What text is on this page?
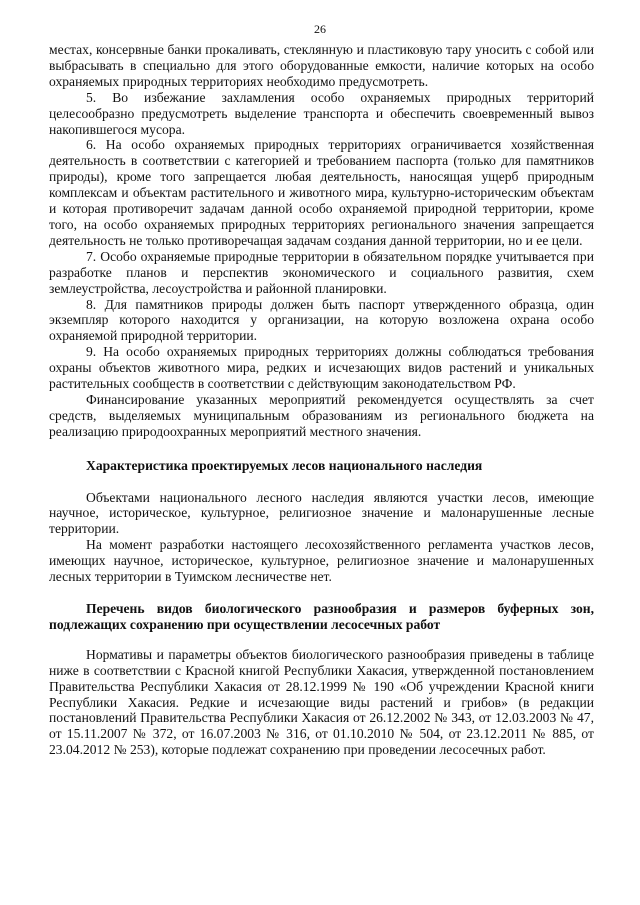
26

местах, консервные банки прокаливать, стеклянную и пластиковую тару уносить с собой или выбрасывать в специально для этого оборудованные емкости, наличие которых на особо охраняемых природных территориях необходимо предусмотреть.

5. Во избежание захламления особо охраняемых природных территорий целесообразно предусмотреть выделение транспорта и обеспечить своевременный вывоз накопившегося мусора.

6. На особо охраняемых природных территориях ограничивается хозяйственная деятельность в соответствии с категорией и требованием паспорта (только для памятников природы), кроме того запрещается любая деятельность, наносящая ущерб природным комплексам и объектам растительного и животного мира, культурно-историческим объектам и которая противоречит задачам данной особо охраняемой природной территории, кроме того, на особо охраняемых природных территориях регионального значения запрещается деятельность не только противоречащая задачам создания данной территории, но и ее цели.

7. Особо охраняемые природные территории в обязательном порядке учитывается при разработке планов и перспектив экономического и социального развития, схем землеустройства, лесоустройства и районной планировки.

8. Для памятников природы должен быть паспорт утвержденного образца, один экземпляр которого находится у организации, на которую возложена охрана особо охраняемой природной территории.

9. На особо охраняемых природных территориях должны соблюдаться требования охраны объектов животного мира, редких и исчезающих видов растений и уникальных растительных сообществ в соответствии с действующим законодательством РФ.

Финансирование указанных мероприятий рекомендуется осуществлять за счет средств, выделяемых муниципальным образованиям из регионального бюджета на реализацию природоохранных мероприятий местного значения.

Характеристика проектируемых лесов национального наследия

Объектами национального лесного наследия являются участки лесов, имеющие научное, историческое, культурное, религиозное значение и малонарушенные лесные территории.

На момент разработки настоящего лесохозяйственного регламента участков лесов, имеющих научное, историческое, культурное, религиозное значение и малонарушенных лесных территории в Туимском лесничестве нет.

Перечень видов биологического разнообразия и размеров буферных зон, подлежащих сохранению при осуществлении лесосечных работ

Нормативы и параметры объектов биологического разнообразия приведены в таблице ниже в соответствии с Красной книгой Республики Хакасия, утвержденной постановлением Правительства Республики Хакасия от 28.12.1999 № 190 «Об учреждении Красной книги Республики Хакасия. Редкие и исчезающие виды растений и грибов» (в редакции постановлений Правительства Республики Хакасия от 26.12.2002 № 343, от 12.03.2003 № 47, от 15.11.2007 № 372, от 16.07.2003 № 316, от 01.10.2010 № 504, от 23.12.2011 № 885, от 23.04.2012 № 253), которые подлежат сохранению при проведении лесосечных работ.
